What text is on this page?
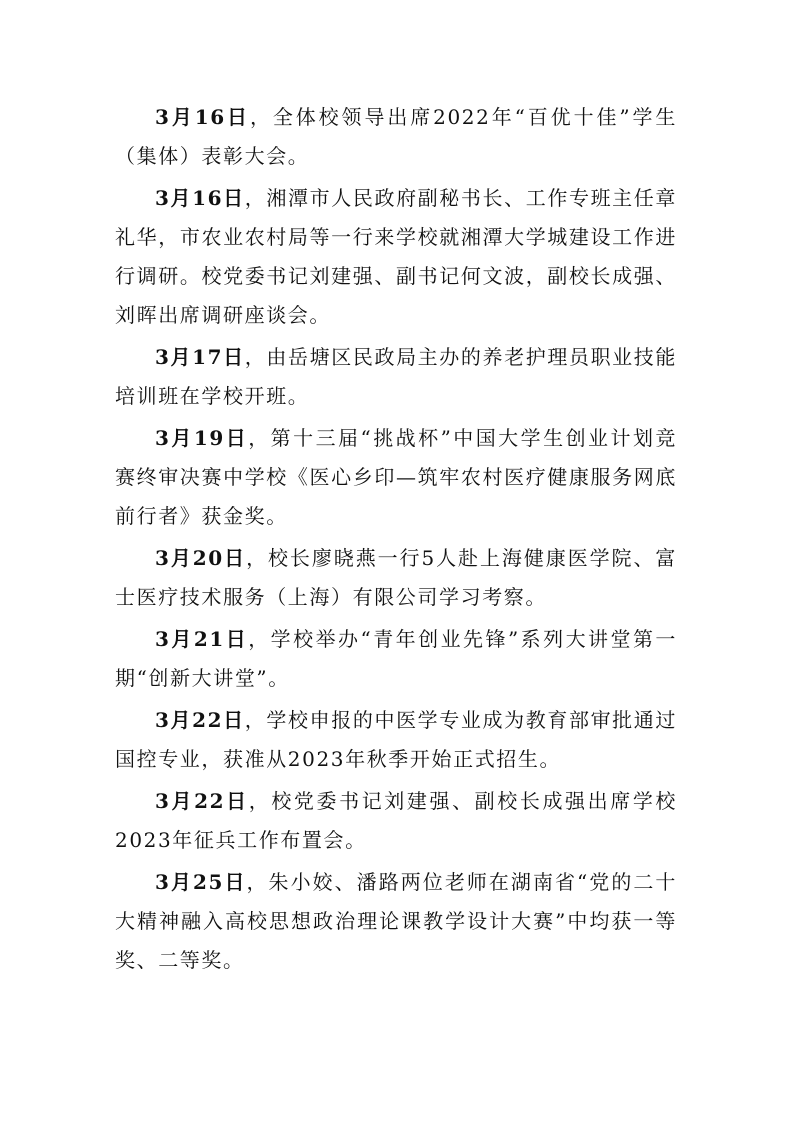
3月16日，全体校领导出席2022年“百优十佳”学生（集体）表彰大会。

3月16日，湘潭市人民政府副秘书长、工作专班主任章礼华，市农业农村局等一行来学校就湘潭大学城建设工作进行调研。校党委书记刘建强、副书记何文波，副校长成强、刘晖出席调研座谈会。

3月17日，由岳塘区民政局主办的养老护理员职业技能培训班在学校开班。

3月19日，第十三届“挑战杯”中国大学生创业计划竞赛终审决赛中学校《医心乡印—筑牢农村医疗健康服务网底前行者》获金奖。

3月20日，校长廖晓燕一行5人赴上海健康医学院、富士医疗技术服务（上海）有限公司学习考察。

3月21日，学校举办“青年创业先锋”系列大讲堂第一期“创新大讲堂”。

3月22日，学校申报的中医学专业成为教育部审批通过国控专业，获准从2023年秋季开始正式招生。

3月22日，校党委书记刘建强、副校长成强出席学校2023年征兵工作布置会。

3月25日，朱小姣、潘路两位老师在湖南省“党的二十大精神融入高校思想政治理论课教学设计大赛”中均获一等奖、二等奖。
